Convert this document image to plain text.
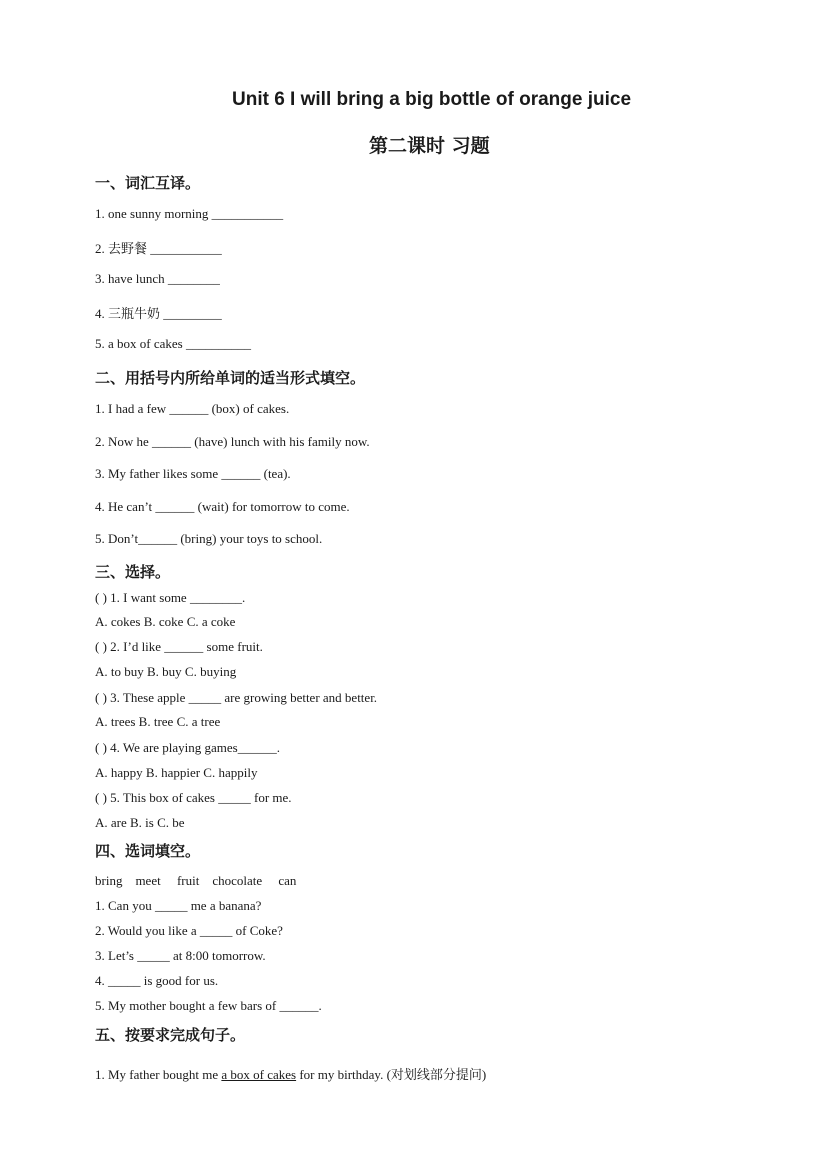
Unit 6 I will bring a big bottle of orange juice
第二课时 习题
一、词汇互译。
1. one sunny morning ___________
2. 去野餐 ___________
3. have lunch ________
4. 三瓶牛奶 _________
5. a box of cakes __________
二、用括号内所给单词的适当形式填空。
1. I had a few ______ (box) of cakes.
2. Now he ______ (have) lunch with his family now.
3. My father likes some ______ (tea).
4. He can’t ______ (wait) for tomorrow to come.
5. Don’t______ (bring) your toys to school.
三、选择。
( ) 1. I want some ________.
A. cokes B. coke C. a coke
( ) 2. I’d like ______ some fruit.
A. to buy B. buy C. buying
( ) 3. These apple _____ are growing better and better.
A. trees B. tree C. a tree
( ) 4. We are playing games______.
A. happy B. happier C. happily
( ) 5. This box of cakes _____ for me.
A. are B. is C. be
四、选词填空。
bring    meet     fruit    chocolate     can
1. Can you _____ me a banana?
2. Would you like a _____ of Coke?
3. Let’s _____ at 8:00 tomorrow.
4. _____ is good for us.
5. My mother bought a few bars of ______.
五、按要求完成句子。
1. My father bought me a box of cakes for my birthday. (对划线部分提问)
